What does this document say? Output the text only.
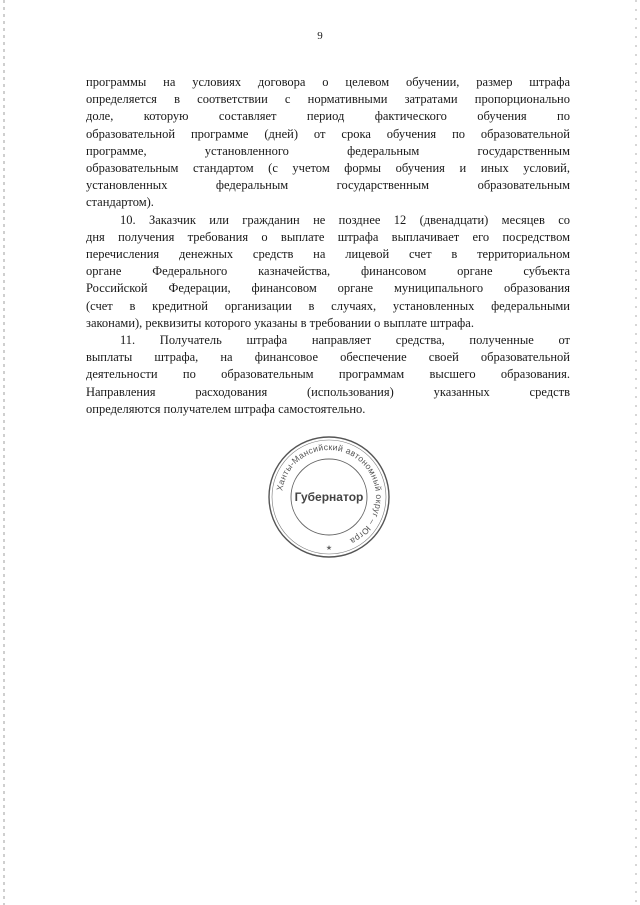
9
программы на условиях договора о целевом обучении, размер штрафа
определяется в соответствии с нормативными затратами пропорционально
доле, которую составляет период фактического обучения по
образовательной программе (дней) от срока обучения по образовательной
программе, установленного федеральным государственным
образовательным стандартом (с учетом формы обучения и иных условий,
установленных федеральным государственным образовательным
стандартом).
10. Заказчик или гражданин не позднее 12 (двенадцати) месяцев со
дня получения требования о выплате штрафа выплачивает его посредством
перечисления денежных средств на лицевой счет в территориальном
органе Федерального казначейства, финансовом органе субъекта
Российской Федерации, финансовом органе муниципального образования
(счет в кредитной организации в случаях, установленных федеральными
законами), реквизиты которого указаны в требовании о выплате штрафа.
11. Получатель штрафа направляет средства, полученные от
выплаты штрафа, на финансовое обеспечение своей образовательной
деятельности по образовательным программам высшего образования.
Направления расходования (использования) указанных средств
определяются получателем штрафа самостоятельно.
Ханты-Мансийский автономный округ – Югра
Губернатор
★
